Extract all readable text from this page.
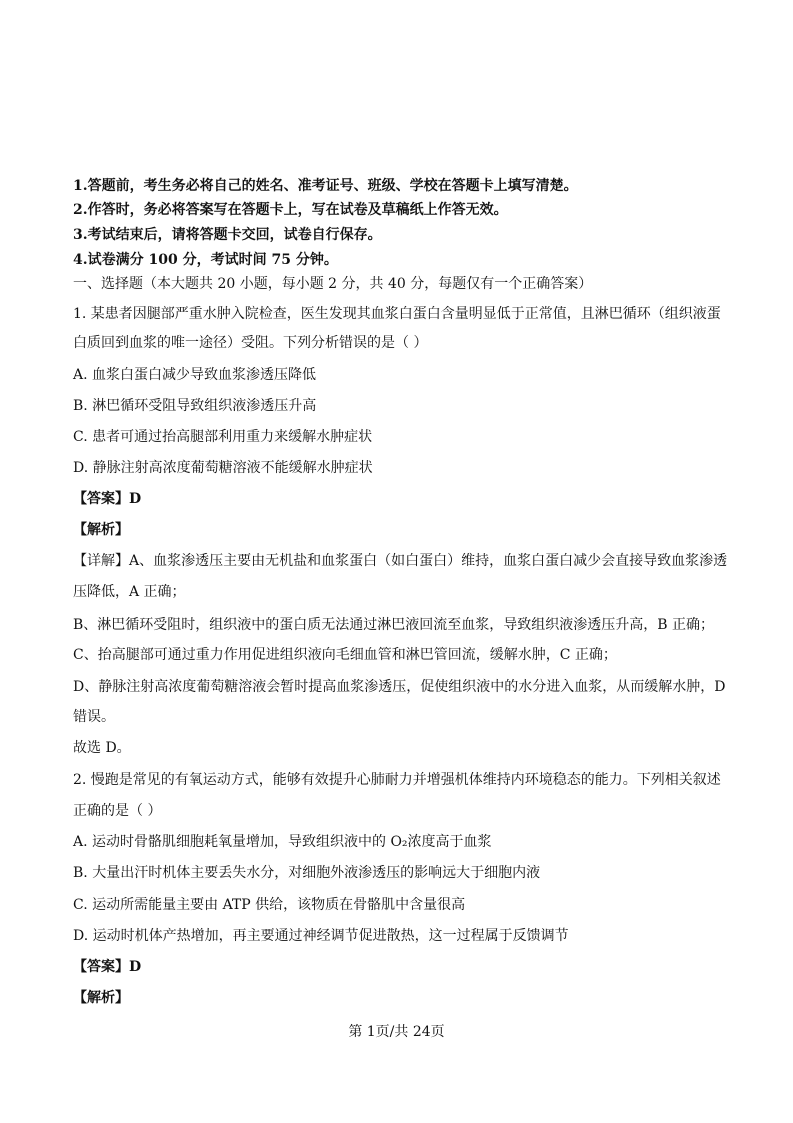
1.答题前，考生务必将自己的姓名、准考证号、班级、学校在答题卡上填写清楚。
2.作答时，务必将答案写在答题卡上，写在试卷及草稿纸上作答无效。
3.考试结束后，请将答题卡交回，试卷自行保存。
4.试卷满分 100 分，考试时间 75 分钟。
一、选择题（本大题共 20 小题，每小题 2 分，共 40 分，每题仅有一个正确答案）
1. 某患者因腿部严重水肿入院检查，医生发现其血浆白蛋白含量明显低于正常值，且淋巴循环（组织液蛋
白质回到血浆的唯一途径）受阻。下列分析错误的是（ ）
A. 血浆白蛋白减少导致血浆渗透压降低
B. 淋巴循环受阻导致组织液渗透压升高
C. 患者可通过抬高腿部利用重力来缓解水肿症状
D. 静脉注射高浓度葡萄糖溶液不能缓解水肿症状
【答案】D
【解析】
【详解】A、血浆渗透压主要由无机盐和血浆蛋白（如白蛋白）维持，血浆白蛋白减少会直接导致血浆渗透
压降低，A 正确；
B、淋巴循环受阻时，组织液中的蛋白质无法通过淋巴液回流至血浆，导致组织液渗透压升高，B 正确；
C、抬高腿部可通过重力作用促进组织液向毛细血管和淋巴管回流，缓解水肿，C 正确；
D、静脉注射高浓度葡萄糖溶液会暂时提高血浆渗透压，促使组织液中的水分进入血浆，从而缓解水肿，D
错误。
故选 D。
2. 慢跑是常见的有氧运动方式，能够有效提升心肺耐力并增强机体维持内环境稳态的能力。下列相关叙述
正确的是（ ）
A. 运动时骨骼肌细胞耗氧量增加，导致组织液中的 O₂浓度高于血浆
B. 大量出汗时机体主要丢失水分，对细胞外液渗透压的影响远大于细胞内液
C. 运动所需能量主要由 ATP 供给，该物质在骨骼肌中含量很高
D. 运动时机体产热增加，再主要通过神经调节促进散热，这一过程属于反馈调节
【答案】D
【解析】
第 1页/共 24页
